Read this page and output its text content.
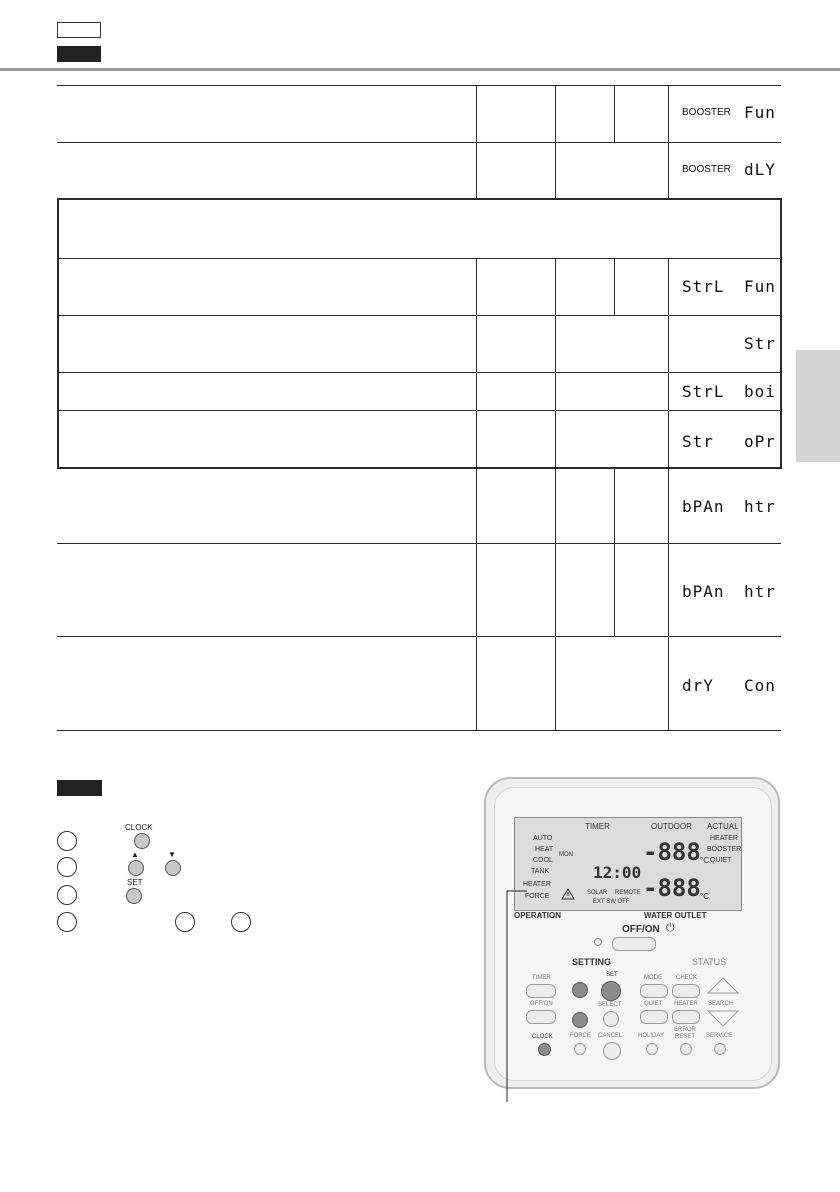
BOOSTER Fun
BOOSTER dLY
StrL Fun
Str
StrL boi
Str oPr
bPAn htr
bPAn htr
drY Con
CLOCK
▲	▼
SET
TIMER	OUTDOOR ACTUAL
AUTO
HEAT
COOL
TANK
HEATER
FORCE
HEATER
BOOSTER
QUIET
MON
12:00
-888 °C
-888 °C
SOLAR REMOTE
EXT SW OFF
OPERATION	WATER OUTLET
OFF/ON ⏻
SETTING	STATUS
TIMER
OFF/ON
CLOCK
SET
SELECT
FORCE CANCEL
MODE CHECK
QUIET HEATER SEARCH
HOLIDAY
ERROR RESET	SERVICE
